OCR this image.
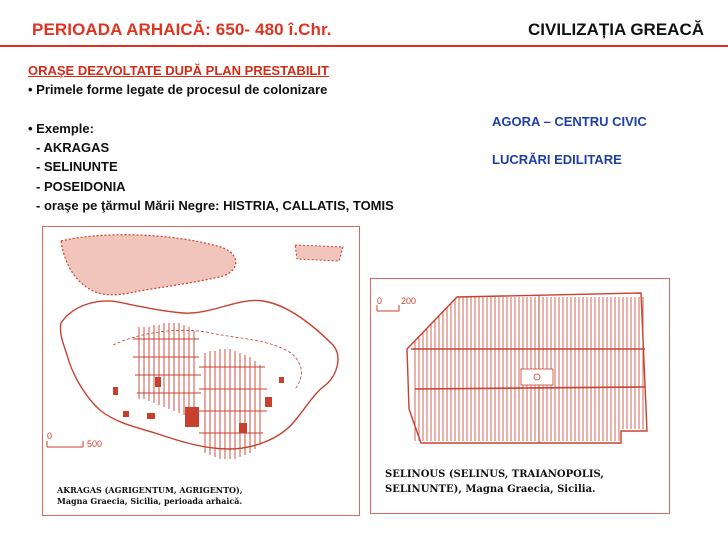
PERIOADA ARHAICĂ: 650- 480 î.Chr.	CIVILIZAȚIA GREACĂ
ORAŞE DEZVOLTATE DUPĂ PLAN PRESTABILIT
• Primele forme legate de procesul de colonizare
• Exemple:
- AKRAGAS
- SELINUNTE
- POSEIDONIA
- oraşe pe ţărmul Mării Negre: HISTRIA, CALLATIS, TOMIS
AGORA – CENTRU CIVIC
LUCRĂRI EDILITARE
0
500
AKRAGAS (AGRIGENTUM, AGRIGENTO),
Magna Graecia, Sicilia, perioada arhaică.
0 200
SELINOUS (SELINUS, TRAIANOPOLIS,
SELINUNTE), Magna Graecia, Sicilia.
